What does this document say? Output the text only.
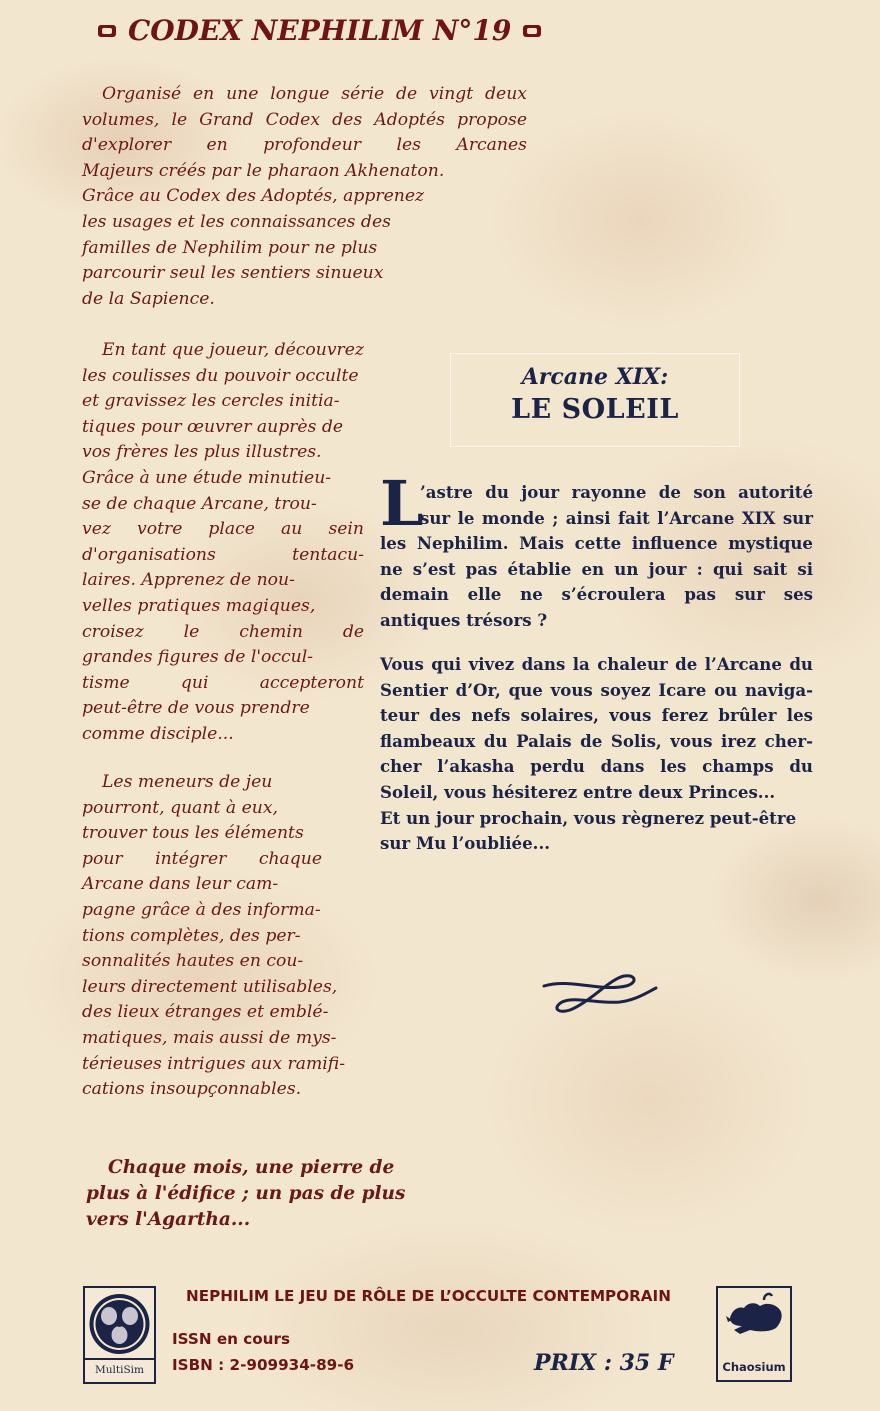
CODEX NEPHILIM N°19
Organisé en une longue série de vingt deux
volumes, le Grand Codex des Adoptés propose
d'explorer en profondeur les Arcanes
Majeurs créés par le pharaon Akhenaton.
Grâce au Codex des Adoptés, apprenez
les usages et les connaissances des
familles de Nephilim pour ne plus
parcourir seul les sentiers sinueux
de la Sapience.
En tant que joueur, découvrez
les coulisses du pouvoir occulte
et gravissez les cercles initia-
tiques pour œuvrer auprès de
vos frères les plus illustres.
Grâce à une étude minutieu-
se de chaque Arcane, trou-
vez votre place au sein
d'organisations tentacu-
laires. Apprenez de nou-
velles pratiques magiques,
croisez le chemin de
grandes figures de l'occul-
tisme qui accepteront
peut-être de vous prendre
comme disciple...
Les meneurs de jeu
pourront, quant à eux,
trouver tous les éléments
pour intégrer chaque
Arcane dans leur cam-
pagne grâce à des informa-
tions complètes, des per-
sonnalités hautes en cou-
leurs directement utilisables,
des lieux étranges et emblé-
matiques, mais aussi de mys-
térieuses intrigues aux ramifi-
cations insoupçonnables.
Chaque mois, une pierre de
plus à l'édifice ; un pas de plus
vers l'Agartha...
Arcane XIX:
LE SOLEIL
L
’astre du jour rayonne de son autorité
sur le monde ; ainsi fait l’Arcane XIX sur
les Nephilim. Mais cette influence mystique
ne s’est pas établie en un jour : qui sait si
demain elle ne s’écroulera pas sur ses
antiques trésors ?
Vous qui vivez dans la chaleur de l’Arcane du
Sentier d’Or, que vous soyez Icare ou naviga-
teur des nefs solaires, vous ferez brûler les
flambeaux du Palais de Solis, vous irez cher-
cher l’akasha perdu dans les champs du
Soleil, vous hésiterez entre deux Princes...
Et un jour prochain, vous règnerez peut-être
sur Mu l’oubliée...
MultiSim
NEPHILIM LE JEU DE RÔLE DE L’OCCULTE CONTEMPORAIN
ISSN en cours
ISBN : 2-909934-89-6	PRIX : 35 F	Chaosium
